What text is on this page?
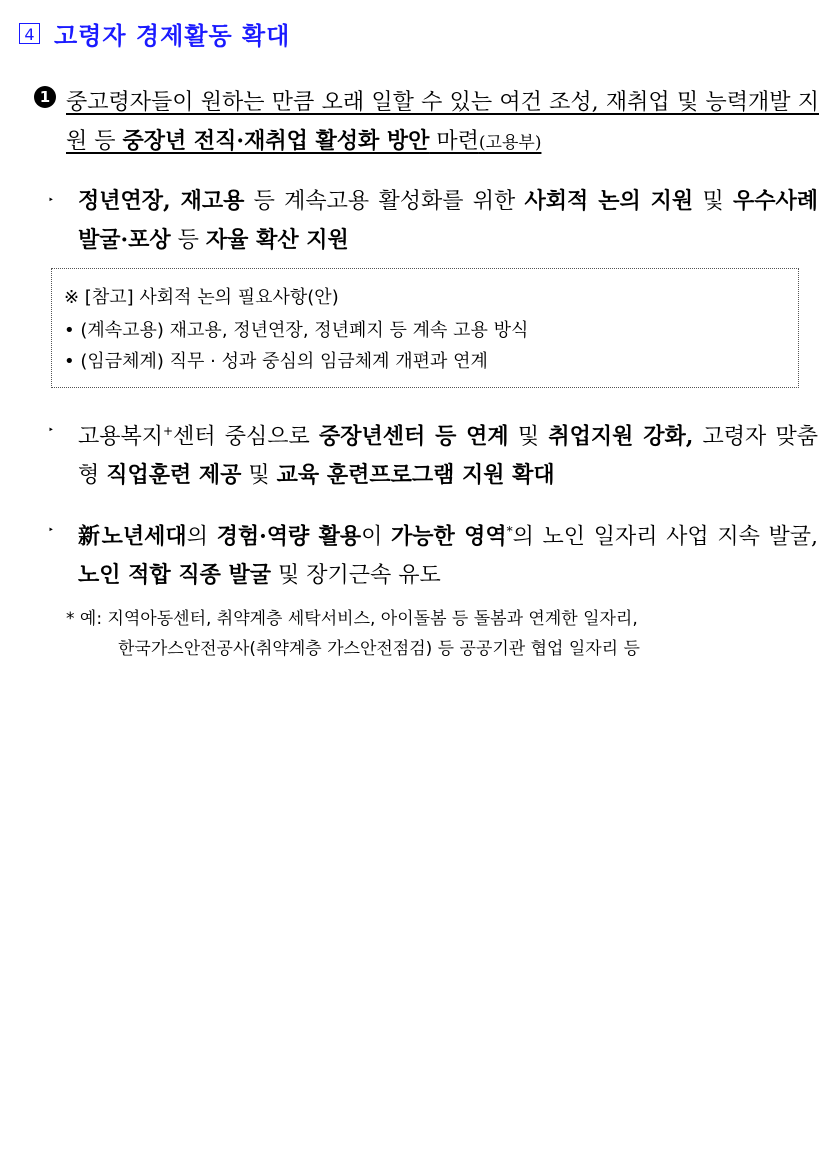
4 고령자 경제활동 확대
1 중고령자들이 원하는 만큼 오래 일할 수 있는 여건 조성, 재취업 및 능력개발 지원 등 중장년 전직·재취업 활성화 방안 마련(고용부)
‣ 정년연장, 재고용 등 계속고용 활성화를 위한 사회적 논의 지원 및 우수사례 발굴·포상 등 자율 확산 지원
※ [참고] 사회적 논의 필요사항(안)
• (계속고용) 재고용, 정년연장, 정년폐지 등 계속 고용 방식
• (임금체계) 직무 · 성과 중심의 임금체계 개편과 연계
‣ 고용복지+센터 중심으로 중장년센터 등 연계 및 취업지원 강화, 고령자 맞춤형 직업훈련 제공 및 교육 훈련프로그램 지원 확대
‣ 新노년세대의 경험·역량 활용이 가능한 영역*의 노인 일자리 사업 지속 발굴, 노인 적합 직종 발굴 및 장기근속 유도
* 예: 지역아동센터, 취약계층 세탁서비스, 아이돌봄 등 돌봄과 연계한 일자리,
한국가스안전공사(취약계층 가스안전점검) 등 공공기관 협업 일자리 등
